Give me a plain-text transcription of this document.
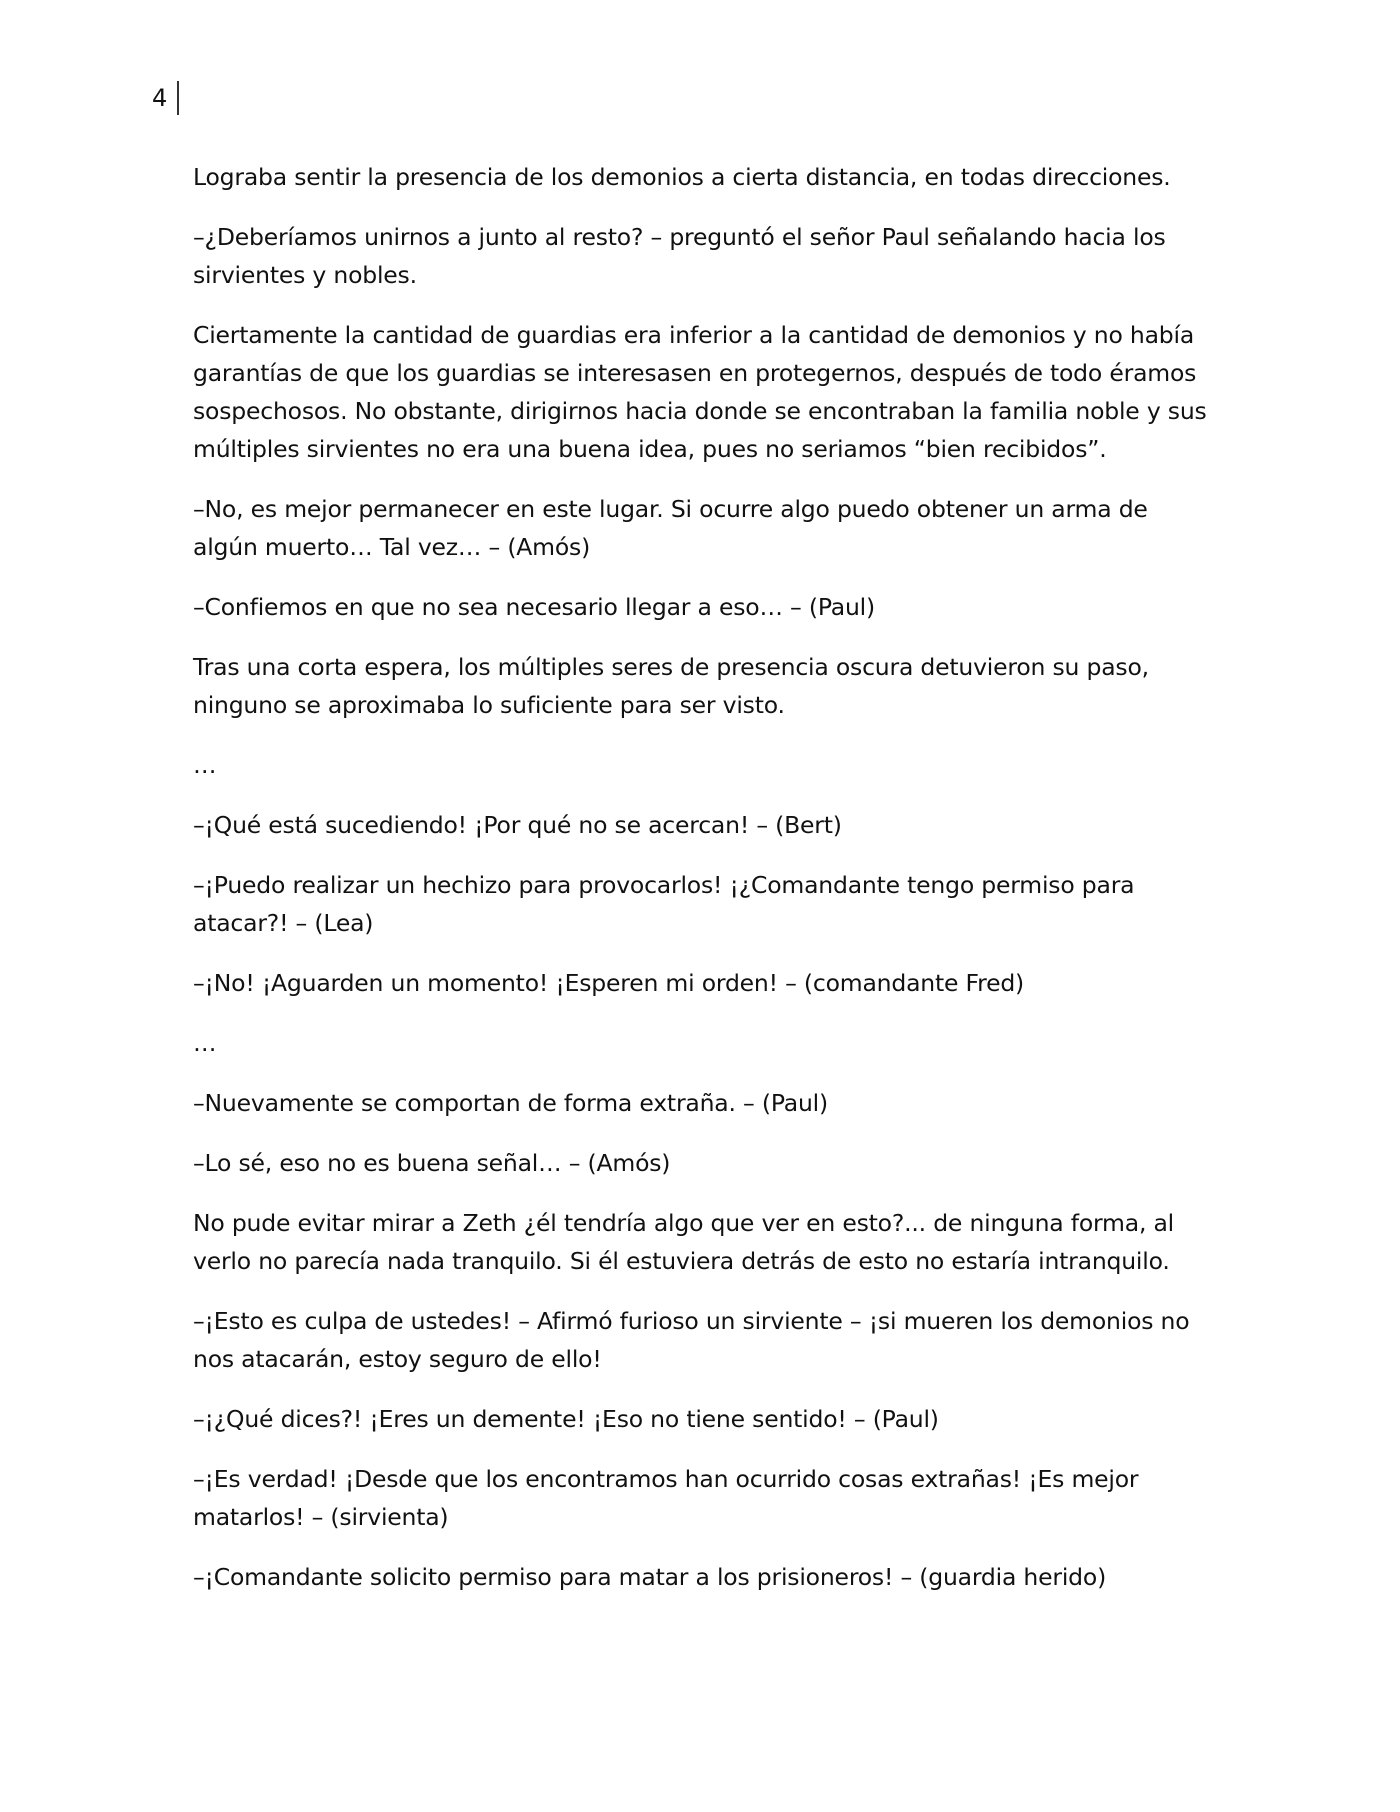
4

Lograba sentir la presencia de los demonios a cierta distancia, en todas direcciones.

–¿Deberíamos unirnos a junto al resto? – preguntó el señor Paul señalando hacia los sirvientes y nobles.

Ciertamente la cantidad de guardias era inferior a la cantidad de demonios y no había garantías de que los guardias se interesasen en protegernos, después de todo éramos sospechosos. No obstante, dirigirnos hacia donde se encontraban la familia noble y sus múltiples sirvientes no era una buena idea, pues no seriamos “bien recibidos”.

–No, es mejor permanecer en este lugar. Si ocurre algo puedo obtener un arma de algún muerto… Tal vez… – (Amós)

–Confiemos en que no sea necesario llegar a eso… – (Paul)

Tras una corta espera, los múltiples seres de presencia oscura detuvieron su paso, ninguno se aproximaba lo suficiente para ser visto.

…

–¡Qué está sucediendo! ¡Por qué no se acercan! – (Bert)

–¡Puedo realizar un hechizo para provocarlos! ¡¿Comandante tengo permiso para atacar?! – (Lea)

–¡No! ¡Aguarden un momento! ¡Esperen mi orden! – (comandante Fred)

…

–Nuevamente se comportan de forma extraña. – (Paul)

–Lo sé, eso no es buena señal… – (Amós)

No pude evitar mirar a Zeth ¿él tendría algo que ver en esto?... de ninguna forma, al verlo no parecía nada tranquilo. Si él estuviera detrás de esto no estaría intranquilo.

–¡Esto es culpa de ustedes! – Afirmó furioso un sirviente – ¡si mueren los demonios no nos atacarán, estoy seguro de ello!

–¡¿Qué dices?! ¡Eres un demente! ¡Eso no tiene sentido! – (Paul)

–¡Es verdad! ¡Desde que los encontramos han ocurrido cosas extrañas! ¡Es mejor matarlos! – (sirvienta)

–¡Comandante solicito permiso para matar a los prisioneros! – (guardia herido)
